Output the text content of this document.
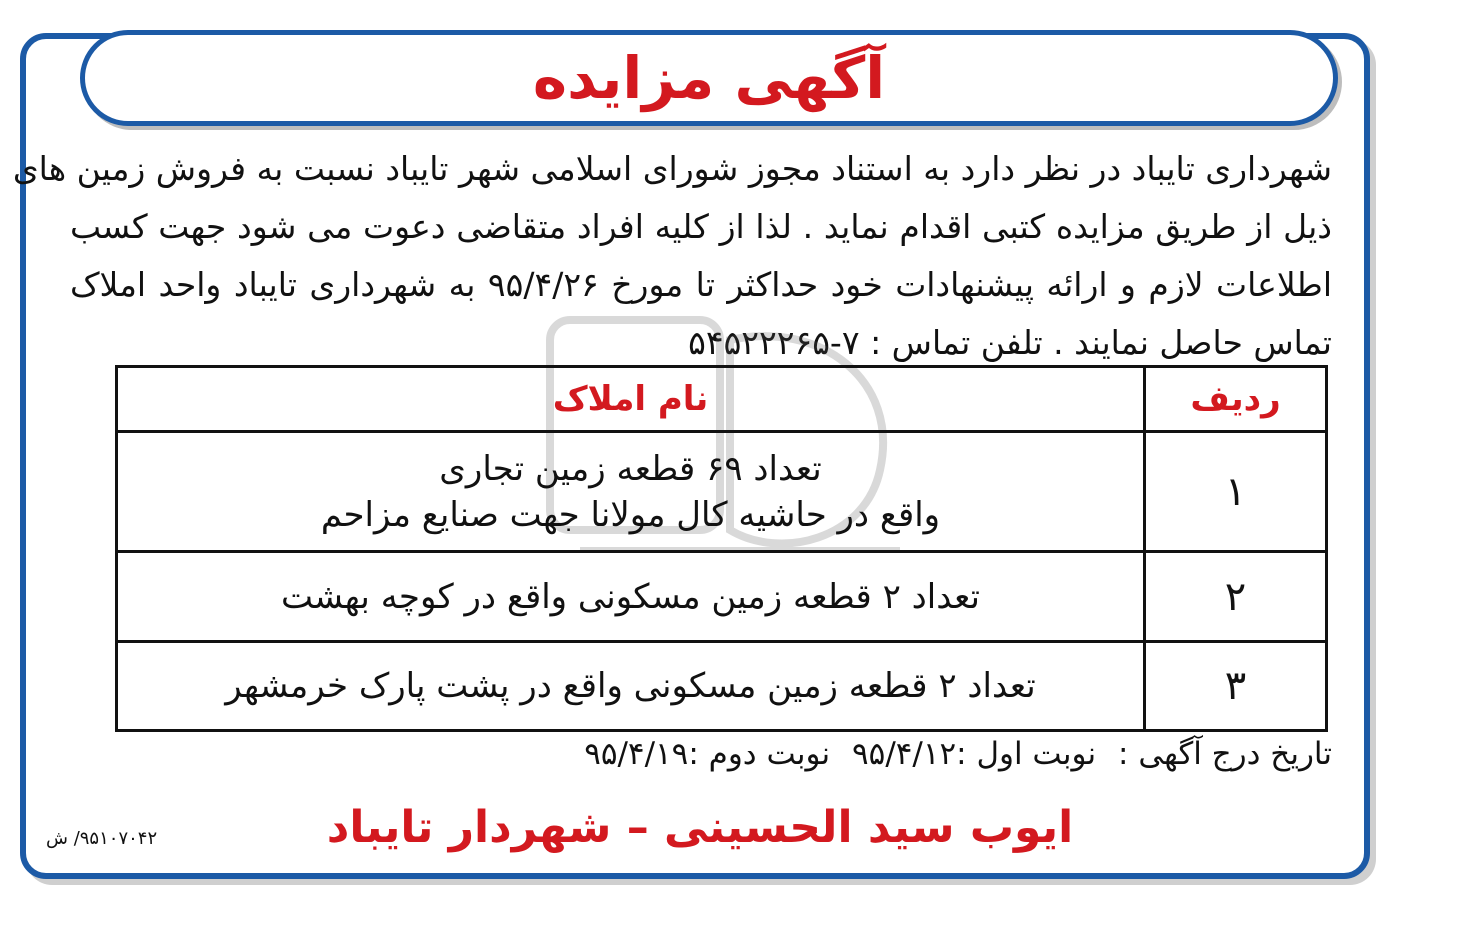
آگهی مزایده
شهرداری تایباد در نظر دارد به استناد مجوز شورای اسلامی شهر تایباد نسبت به فروش زمین های
ذیل از طریق مزایده کتبی اقدام نماید . لذا از کلیه افراد متقاضی دعوت می شود جهت کسب
اطلاعات لازم و ارائه پیشنهادات خود حداکثر تا مورخ ۹۵/۴/۲۶ به شهرداری تایباد واحد املاک
تماس حاصل نمایند . تلفن تماس : ۷-۵۴۵۲۲۲۶۵
ردیف	نام املاک
۱	تعداد ۶۹ قطعه زمین تجاری
واقع در حاشیه کال مولانا جهت صنایع مزاحم

۲	تعداد ۲ قطعه زمین مسکونی واقع در کوچه بهشت

۳	تعداد ۲ قطعه زمین مسکونی واقع در پشت پارک خرمشهر
تاریخ درج آگهی : نوبت اول :۹۵/۴/۱۲ نوبت دوم :۹۵/۴/۱۹
ایوب سید الحسینی – شهردار تایباد
۹۵۱۰۷۰۴۲/ ش
